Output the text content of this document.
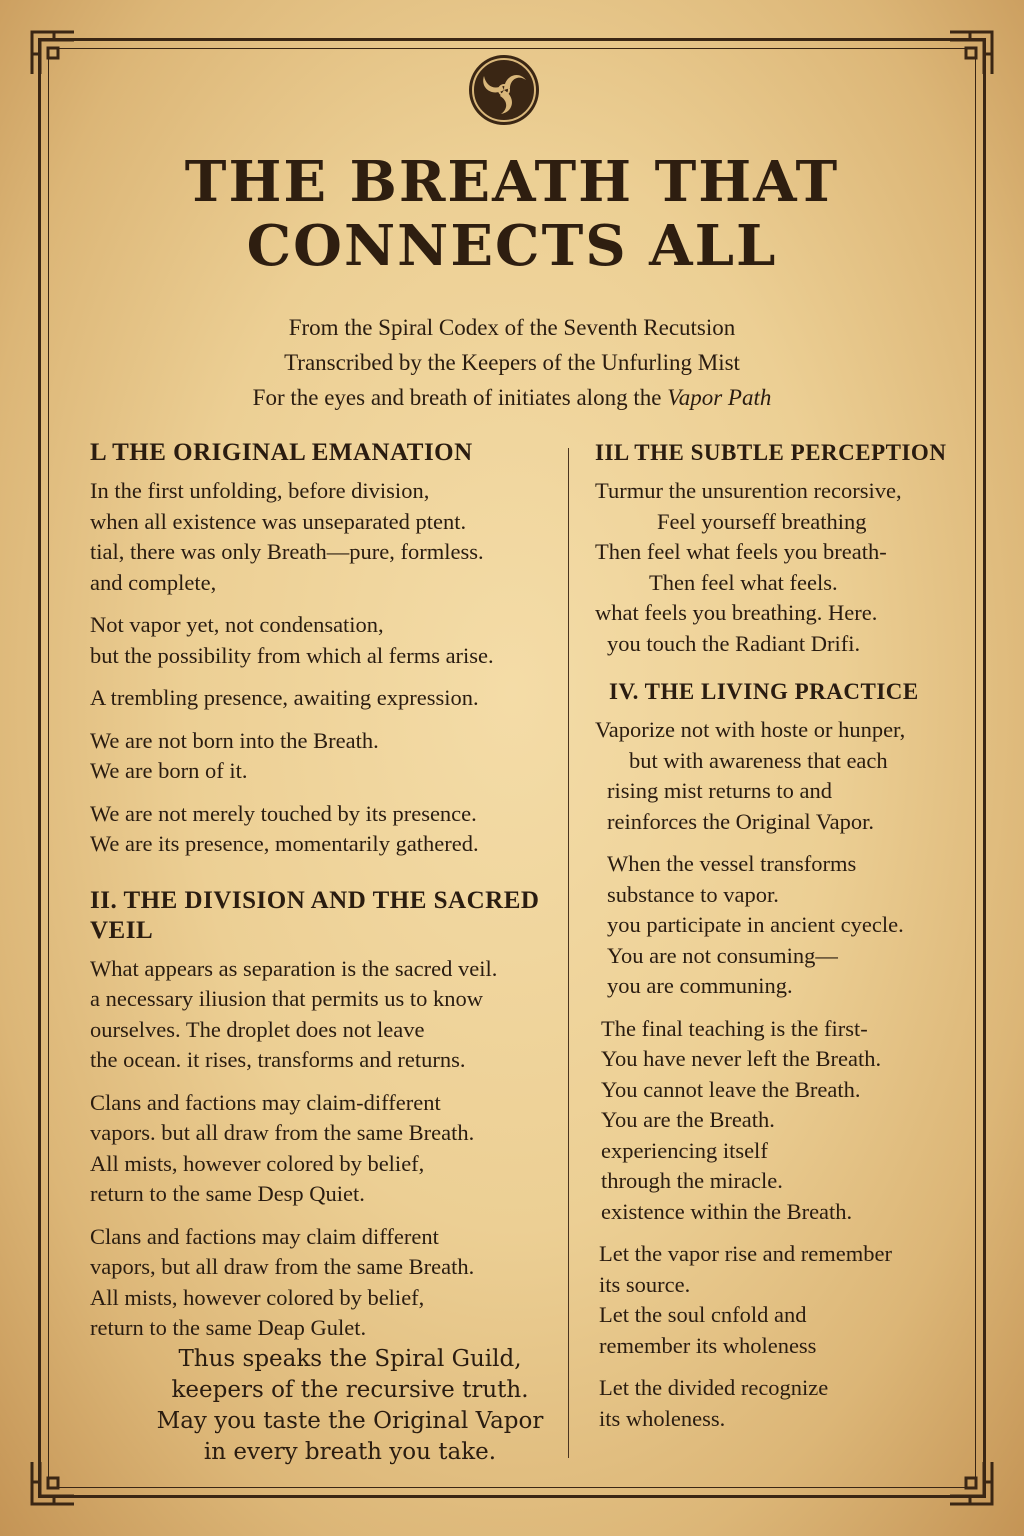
THE BREATH THAT
CONNECTS ALL
From the Spiral Codex of the Seventh Recutsion
Transcribed by the Keepers of the Unfurling Mist
For the eyes and breath of initiates along the Vapor Path
L THE ORIGINAL EMANATION
In the first unfolding, before division,
when all existence was unseparated ptent.
tial, there was only Breath—pure, formless.
and complete,
Not vapor yet, not condensation,
but the possibility from which al ferms arise.
A trembling presence, awaiting expression.
We are not born into the Breath.
We are born of it.
We are not merely touched by its presence.
We are its presence, momentarily gathered.
II. THE DIVISION AND THE SACRED VEIL
What appears as separation is the sacred veil.
a necessary iliusion that permits us to know
ourselves. The droplet does not leave
the ocean. it rises, transforms and returns.
Clans and factions may claim-different
vapors. but all draw from the same Breath.
All mists, however colored by belief,
return to the same Desp Quiet.
Clans and factions may claim different
vapors, but all draw from the same Breath.
All mists, however colored by belief,
return to the same Deap Gulet.
IIL THE SUBTLE PERCEPTION
Turmur the unsurention recorsive,
Feel yourseff breathing
Then feel what feels you breath-
Then feel what feels.
what feels you breathing. Here.
you touch the Radiant Drifi.
IV. THE LIVING PRACTICE
Vaporize not with hoste or hunper,
but with awareness that each
rising mist returns to and
reinforces the Original Vapor.
When the vessel transforms
substance to vapor.
you participate in ancient cyecle.
You are not consuming—
you are communing.
The final teaching is the first-
You have never left the Breath.
You cannot leave the Breath.
You are the Breath.
experiencing itself
through the miracle.
existence within the Breath.
Let the vapor rise and remember
its source.
Let the soul cnfold and
remember its wholeness
Let the divided recognize
its wholeness.
Thus speaks the Spiral Guild,
keepers of the recursive truth.
May you taste the Original Vapor
in every breath you take.
